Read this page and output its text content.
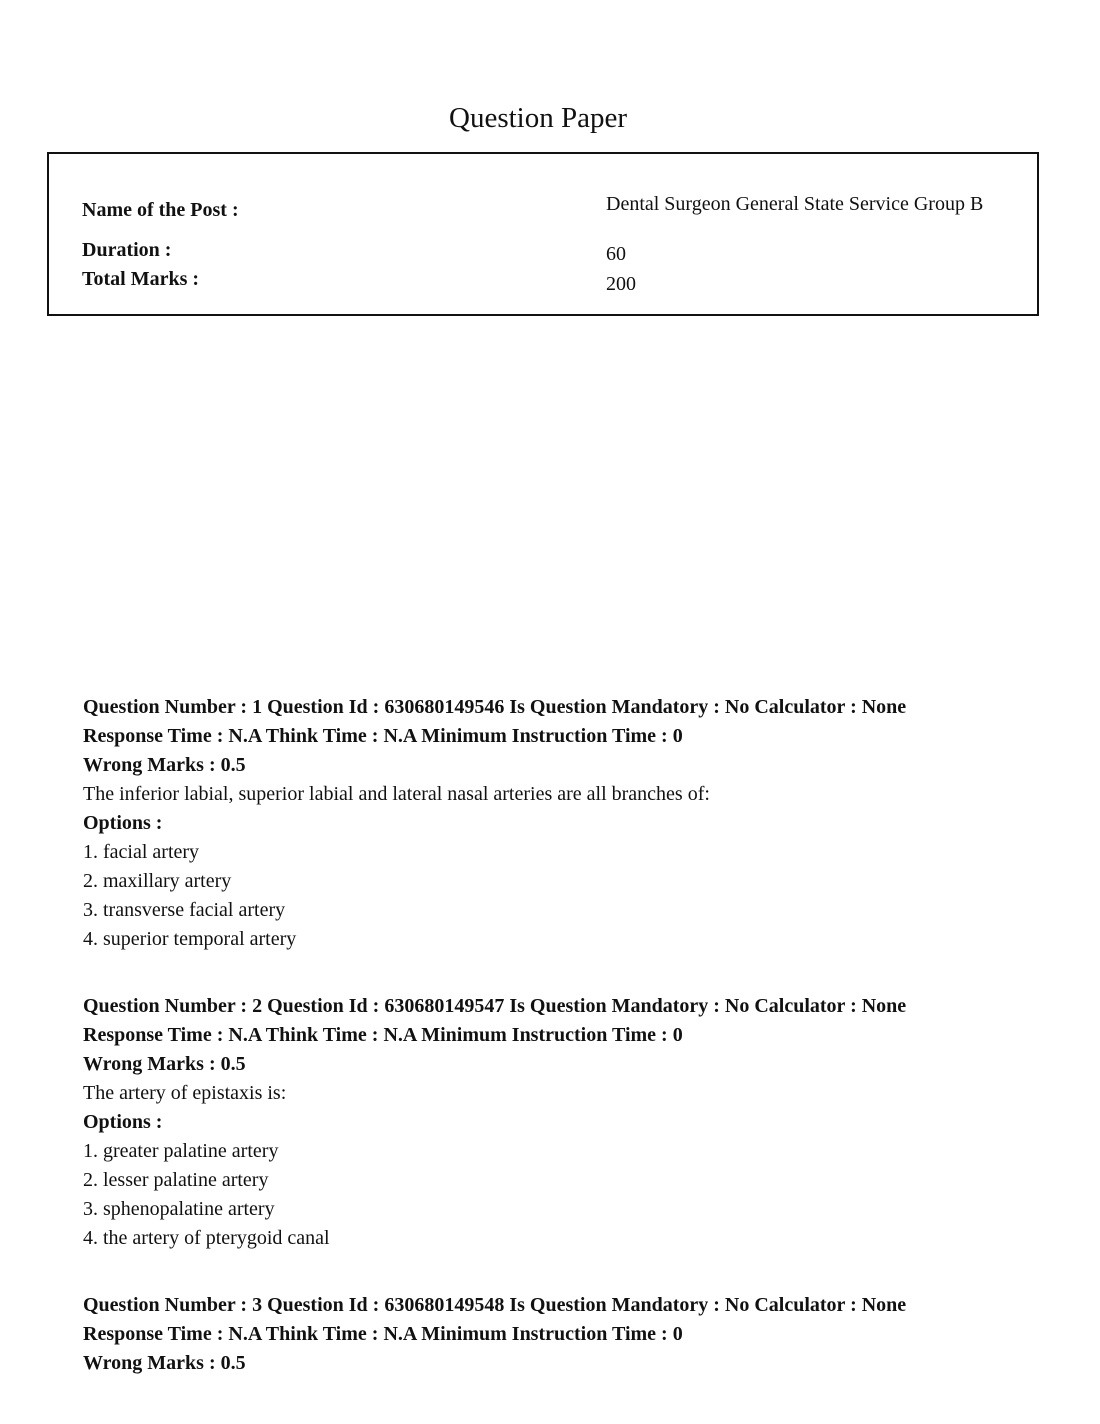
Question Paper
Name of the Post :	Dental Surgeon General State Service Group B
Duration :	60
Total Marks :	200
Question Number : 1 Question Id : 630680149546 Is Question Mandatory : No Calculator : None
Response Time : N.A Think Time : N.A Minimum Instruction Time : 0
Wrong Marks : 0.5
The inferior labial, superior labial and lateral nasal arteries are all branches of:
Options :
1. facial artery
2. maxillary artery
3. transverse facial artery
4. superior temporal artery
Question Number : 2 Question Id : 630680149547 Is Question Mandatory : No Calculator : None
Response Time : N.A Think Time : N.A Minimum Instruction Time : 0
Wrong Marks : 0.5
The artery of epistaxis is:
Options :
1. greater palatine artery
2. lesser palatine artery
3. sphenopalatine artery
4. the artery of pterygoid canal
Question Number : 3 Question Id : 630680149548 Is Question Mandatory : No Calculator : None
Response Time : N.A Think Time : N.A Minimum Instruction Time : 0
Wrong Marks : 0.5
